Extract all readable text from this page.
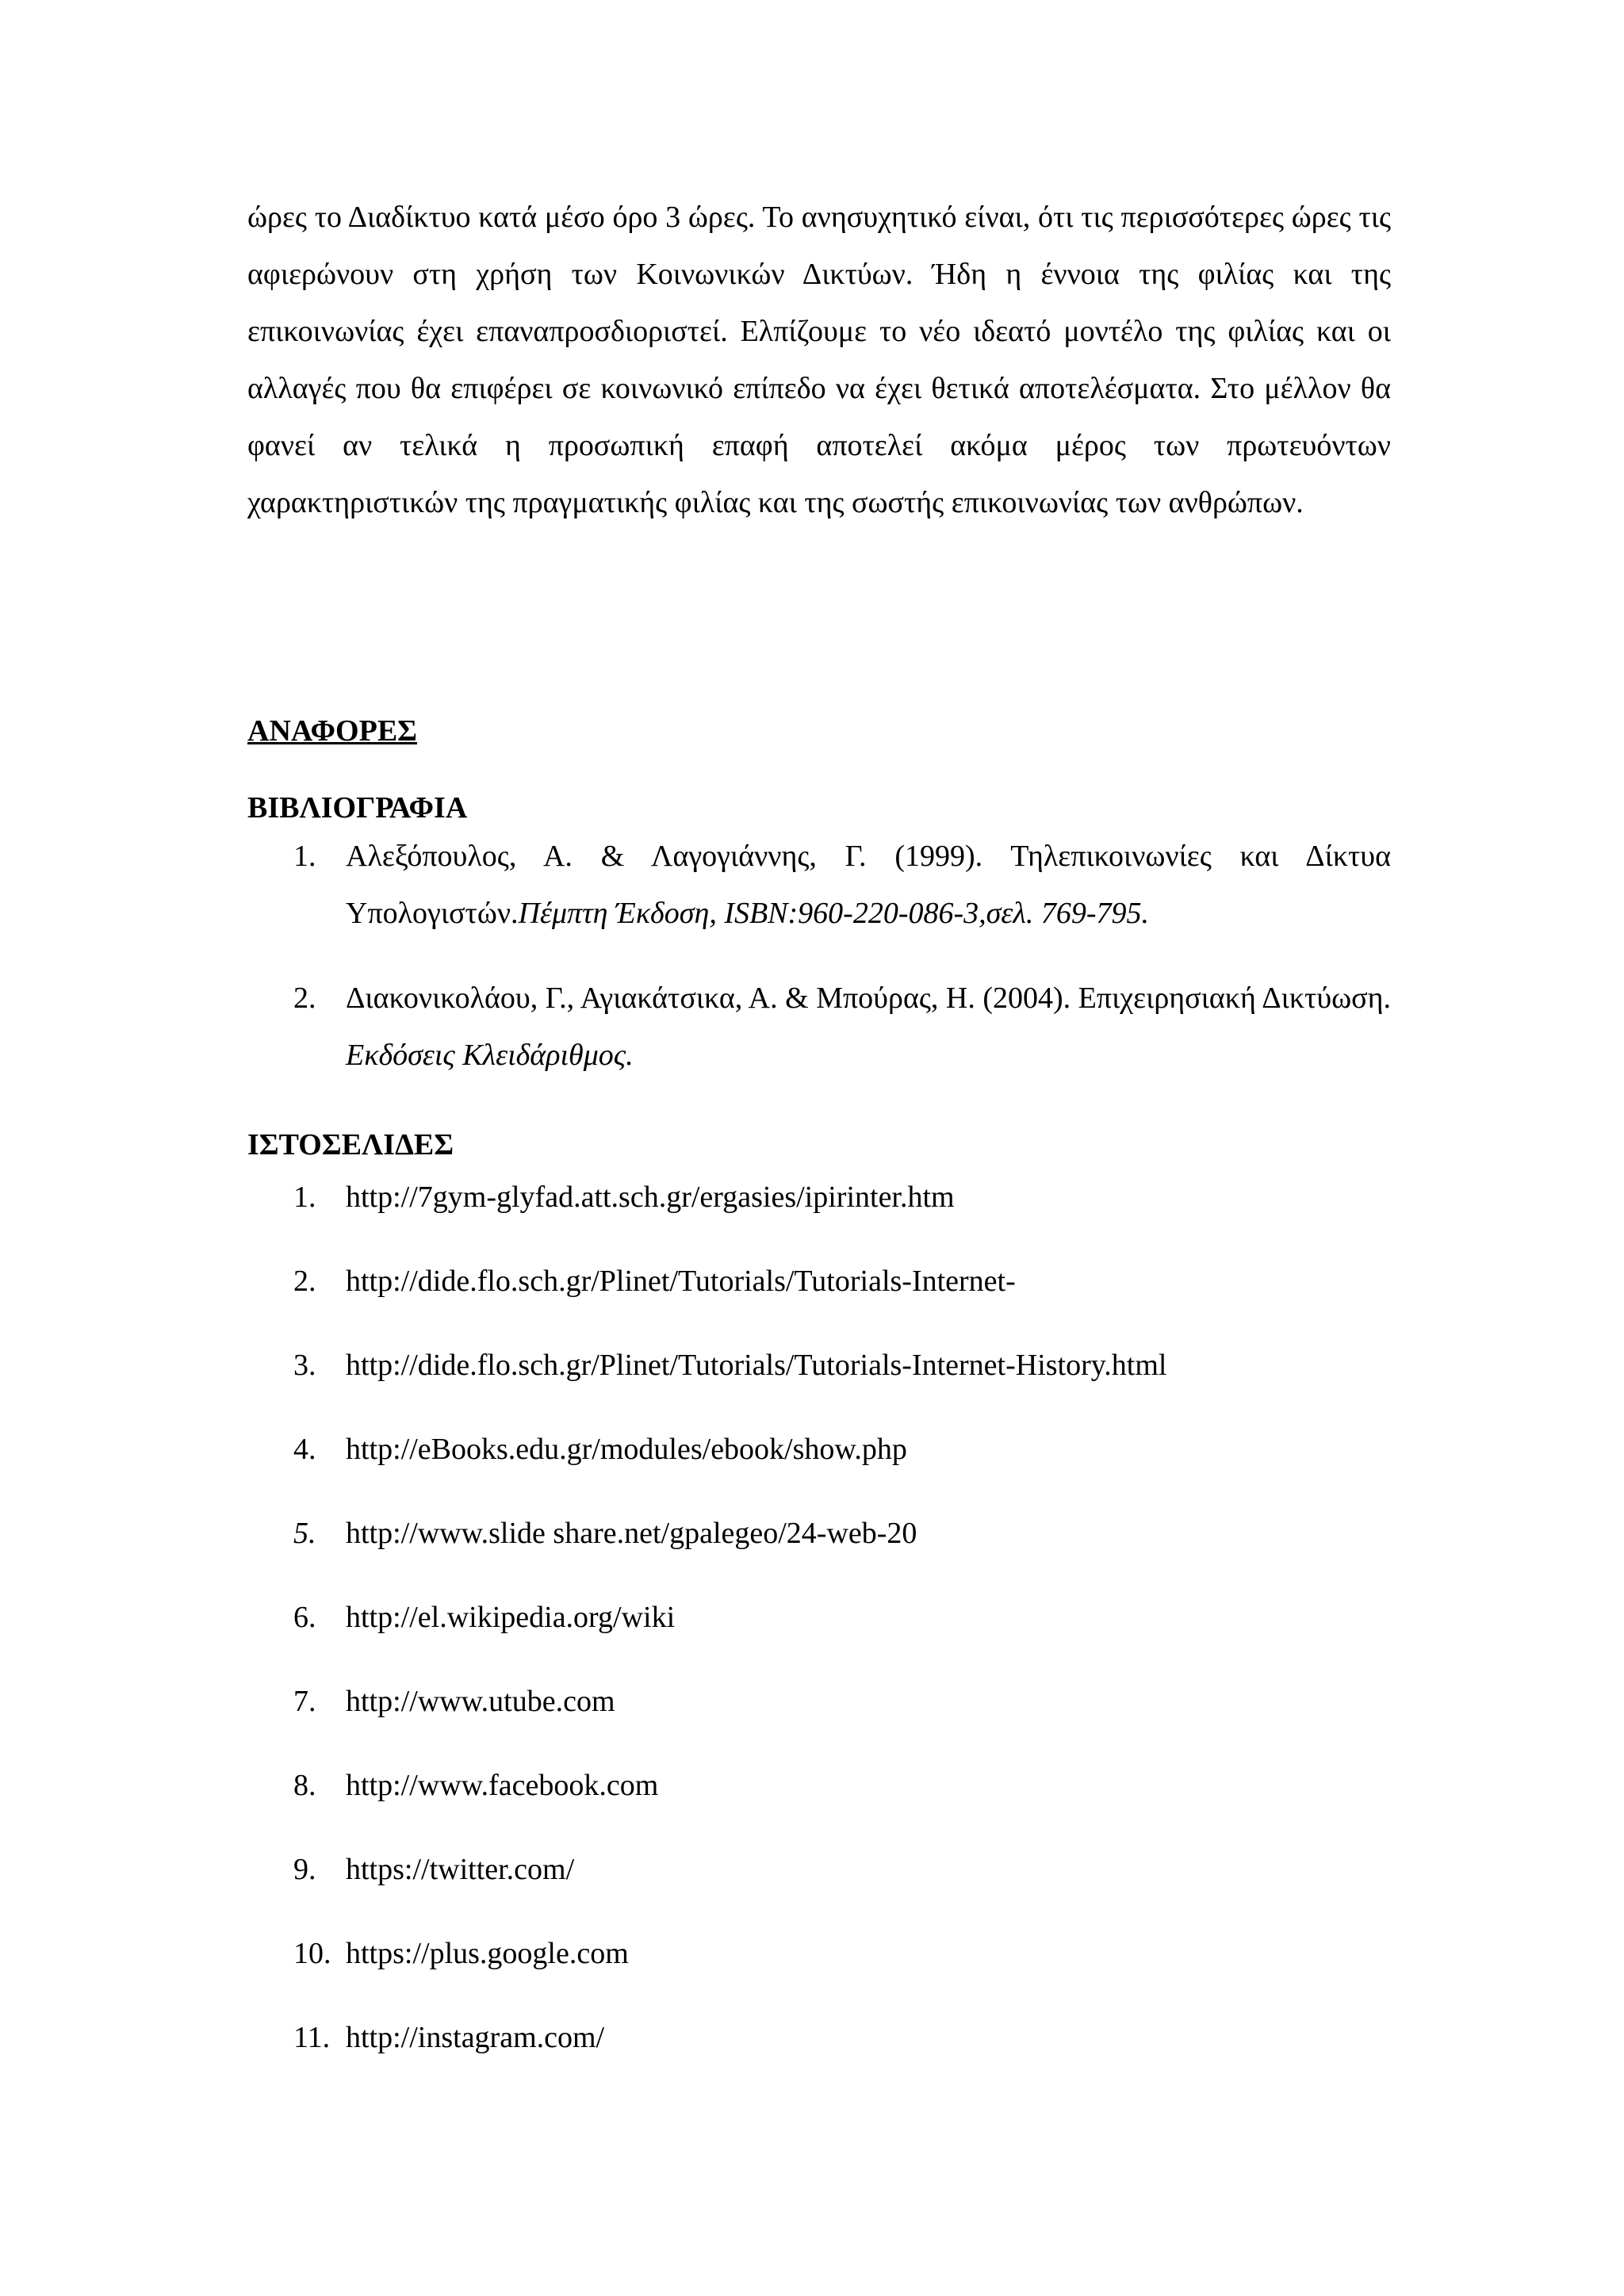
ώρες το Διαδίκτυο κατά μέσο όρο 3 ώρες. Το ανησυχητικό είναι, ότι τις περισσότερες ώρες τις αφιερώνουν στη χρήση των Κοινωνικών Δικτύων. Ήδη η έννοια της φιλίας και της επικοινωνίας έχει επαναπροσδιοριστεί. Ελπίζουμε το νέο ιδεατό μοντέλο της φιλίας και οι αλλαγές που θα επιφέρει σε κοινωνικό επίπεδο να έχει θετικά αποτελέσματα. Στο μέλλον θα φανεί αν τελικά η προσωπική επαφή αποτελεί ακόμα μέρος των πρωτευόντων χαρακτηριστικών της πραγματικής φιλίας και της σωστής επικοινωνίας των ανθρώπων.

ΑΝΑΦΟΡΕΣ
ΒΙΒΛΙΟΓΡΑΦΙΑ
1. Αλεξόπουλος, Α. & Λαγογιάννης, Γ. (1999). Τηλεπικοινωνίες και Δίκτυα Υπολογιστών.Πέμπτη Έκδοση, ISBN:960-220-086-3,σελ. 769-795.
2. Διακονικολάου, Γ., Αγιακάτσικα, Α. & Μπούρας, Η. (2004). Επιχειρησιακή Δικτύωση. Εκδόσεις Κλειδάριθμος.
ΙΣΤΟΣΕΛΙΔΕΣ
1. http://7gym-glyfad.att.sch.gr/ergasies/ipirinter.htm
2. http://dide.flo.sch.gr/Plinet/Tutorials/Tutorials-Internet-
3. http://dide.flo.sch.gr/Plinet/Tutorials/Tutorials-Internet-History.html
4. http://eBooks.edu.gr/modules/ebook/show.php
5. http://www.slide share.net/gpalegeo/24-web-20
6. http://el.wikipedia.org/wiki
7. http://www.utube.com
8. http://www.facebook.com
9. https://twitter.com/
10. https://plus.google.com
11. http://instagram.com/
